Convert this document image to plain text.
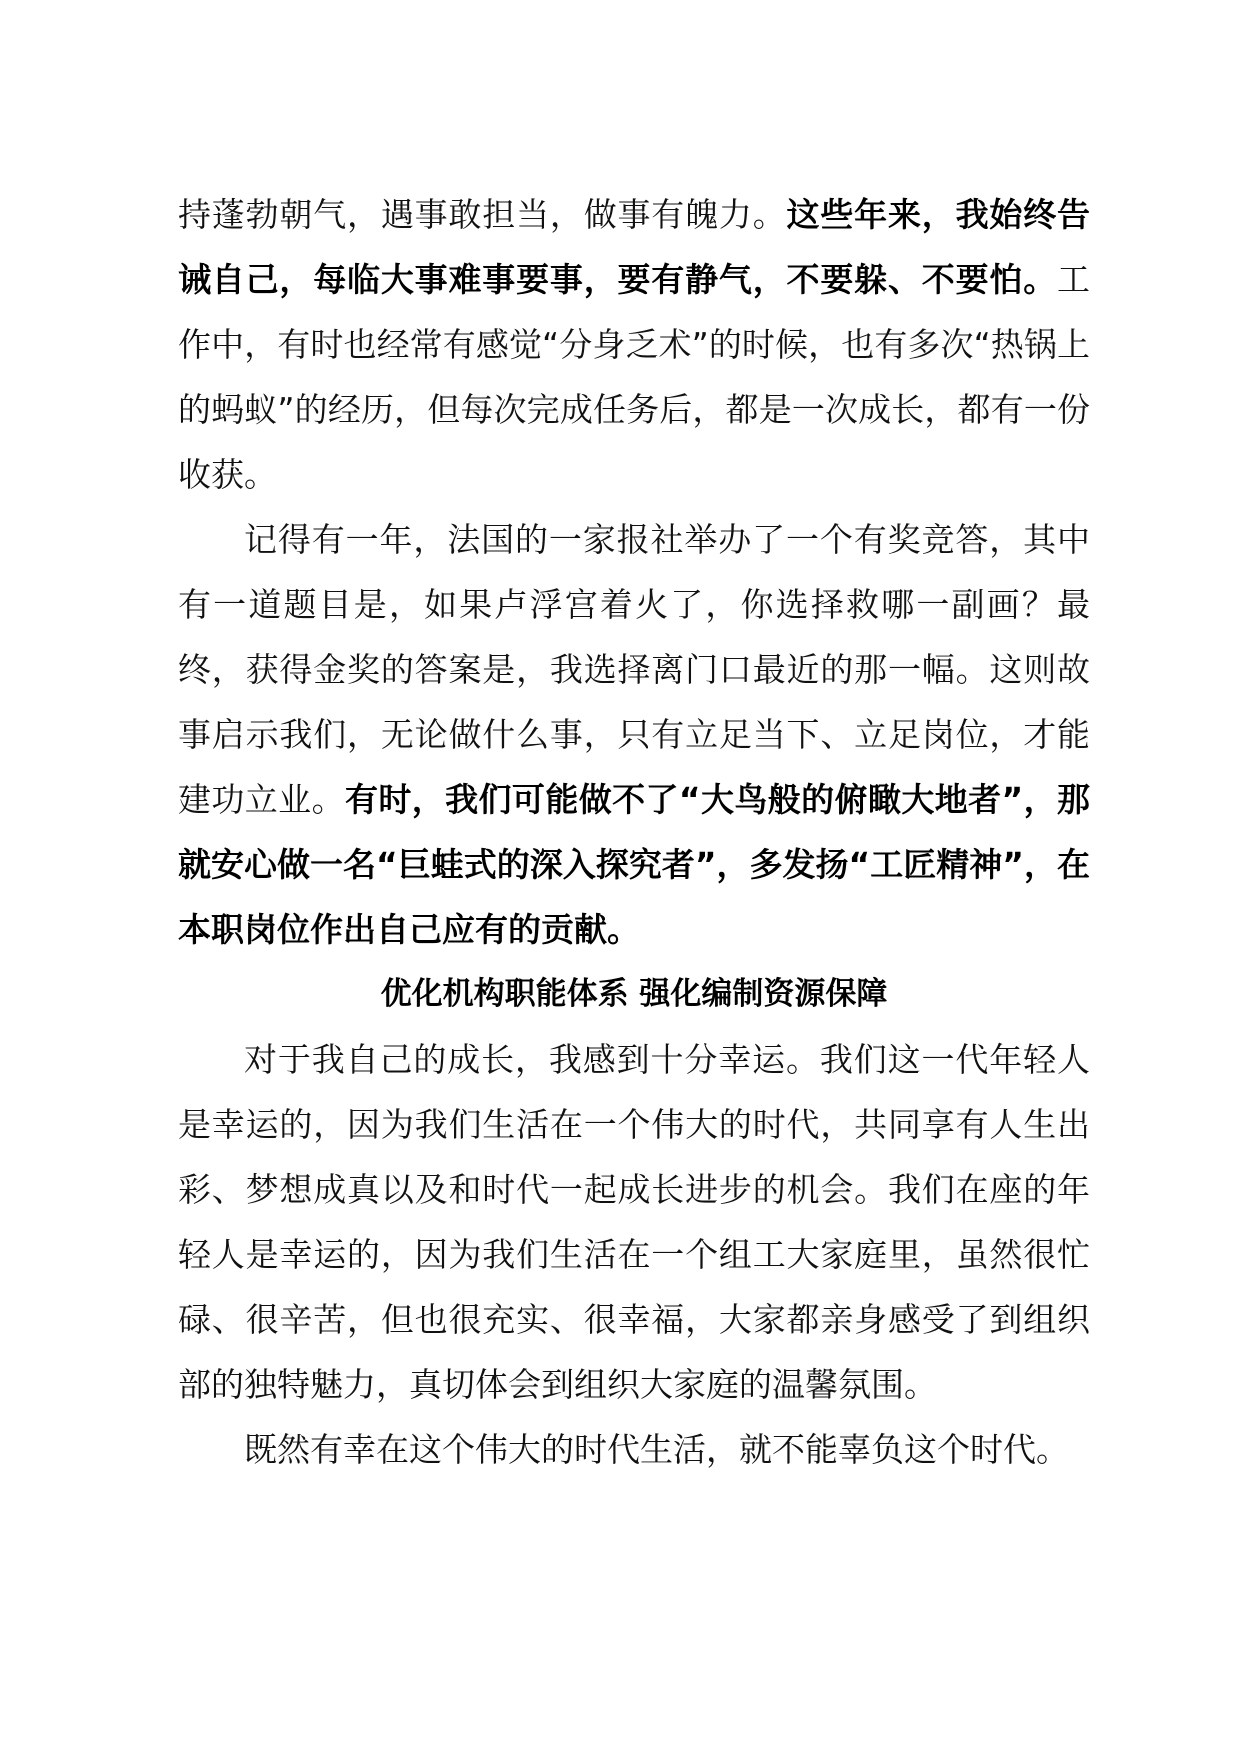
持蓬勃朝气，遇事敢担当，做事有魄力。这些年来，我始终告诫自己，每临大事难事要事，要有静气，不要躲、不要怕。工作中，有时也经常有感觉“分身乏术”的时候，也有多次“热锅上的蚂蚁”的经历，但每次完成任务后，都是一次成长，都有一份收获。

记得有一年，法国的一家报社举办了一个有奖竞答，其中有一道题目是，如果卢浮宫着火了，你选择救哪一副画？最终，获得金奖的答案是，我选择离门口最近的那一幅。这则故事启示我们，无论做什么事，只有立足当下、立足岗位，才能建功立业。有时，我们可能做不了“大鸟般的俯瞰大地者”，那就安心做一名“巨蛙式的深入探究者”，多发扬“工匠精神”，在本职岗位作出自己应有的贡献。

优化机构职能体系 强化编制资源保障

对于我自己的成长，我感到十分幸运。我们这一代年轻人是幸运的，因为我们生活在一个伟大的时代，共同享有人生出彩、梦想成真以及和时代一起成长进步的机会。我们在座的年轻人是幸运的，因为我们生活在一个组工大家庭里，虽然很忙碌、很辛苦，但也很充实、很幸福，大家都亲身感受了到组织部的独特魅力，真切体会到组织大家庭的温馨氛围。

既然有幸在这个伟大的时代生活，就不能辜负这个时代。
